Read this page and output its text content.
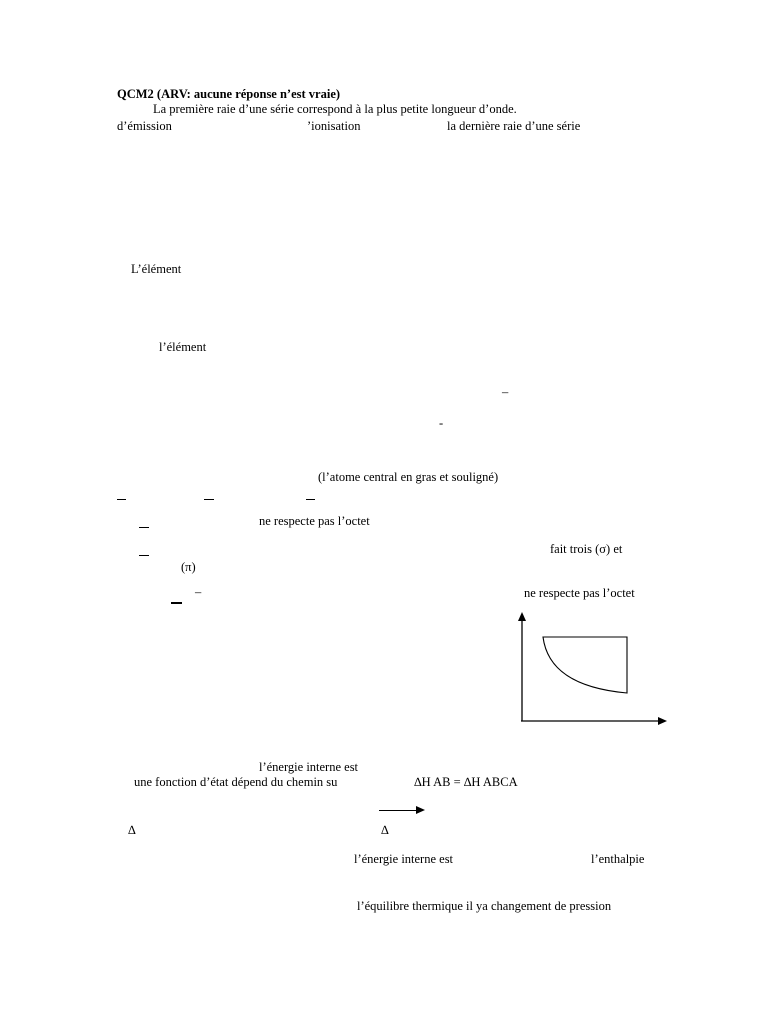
QCM2 (ARV: aucune réponse n’est vraie)
La première raie d’une série correspond à la plus petite longueur d’onde.
d’émission	’ionisation	la dernière raie d’une série
L’élément
l’élément
–
-
(l’atome central en gras et souligné)
ne respecte pas l’octet
fait trois (σ) et
(π)
–	ne respecte pas l’octet
l’énergie interne est
une fonction d’état dépend du chemin su	∆H AB = ∆H ABCA
∆	∆
l’énergie interne est	l’enthalpie
l’équilibre thermique il ya changement de pression
